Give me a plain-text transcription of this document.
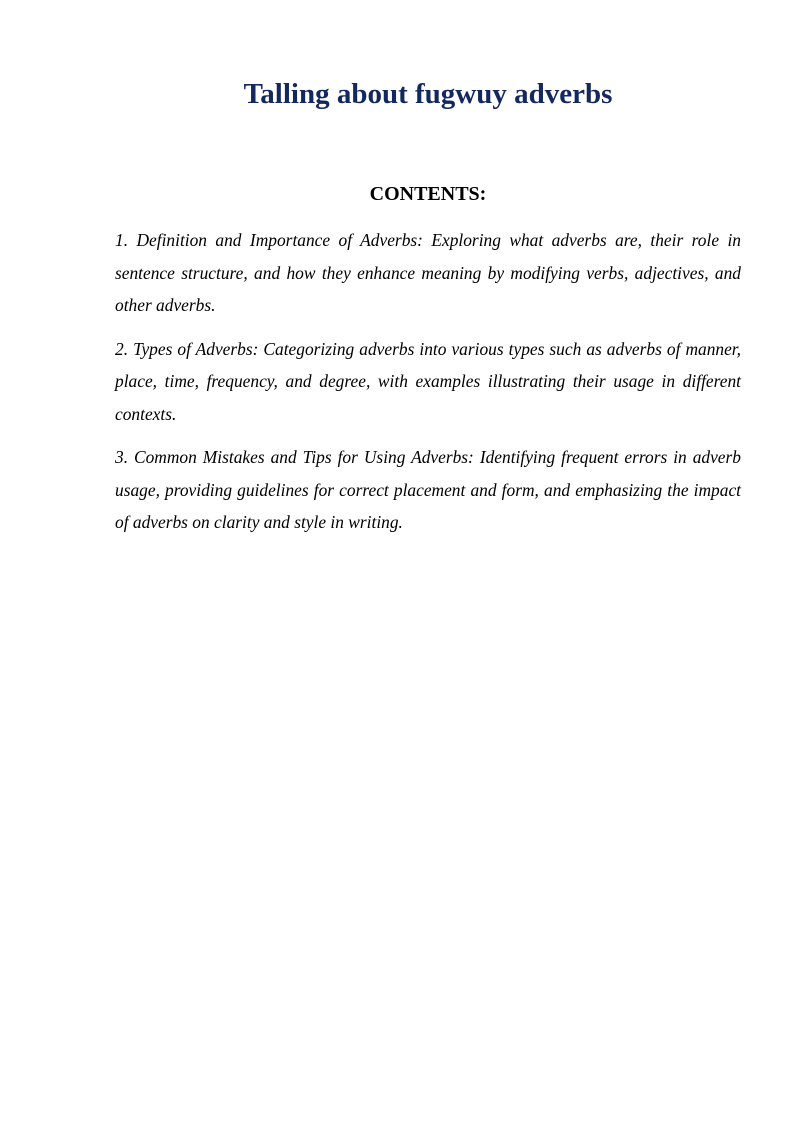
Talling about fugwuy adverbs
CONTENTS:
1. Definition and Importance of Adverbs: Exploring what adverbs are, their role in sentence structure, and how they enhance meaning by modifying verbs, adjectives, and other adverbs.
2. Types of Adverbs: Categorizing adverbs into various types such as adverbs of manner, place, time, frequency, and degree, with examples illustrating their usage in different contexts.
3. Common Mistakes and Tips for Using Adverbs: Identifying frequent errors in adverb usage, providing guidelines for correct placement and form, and emphasizing the impact of adverbs on clarity and style in writing.
